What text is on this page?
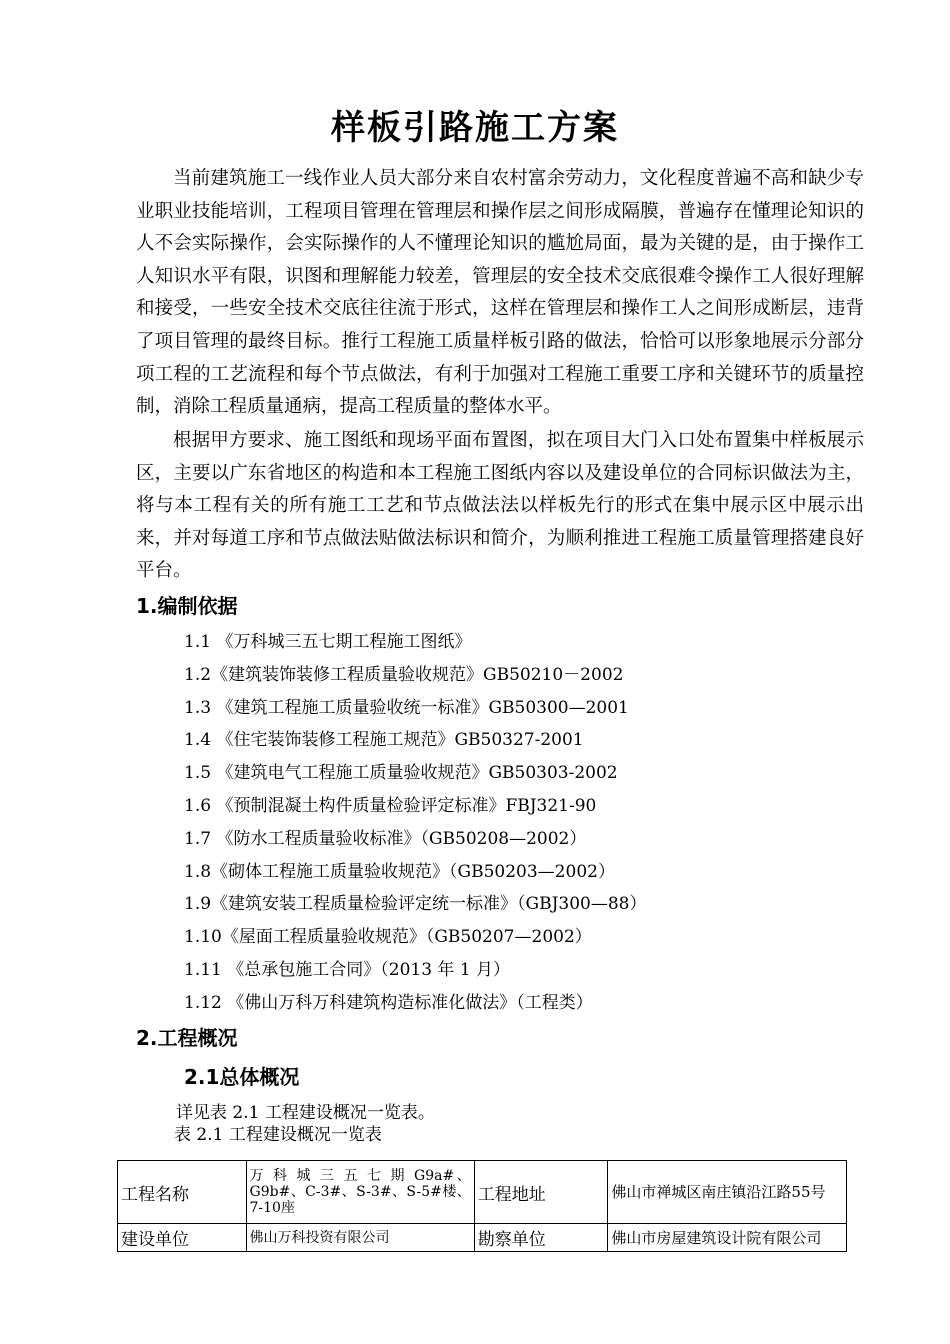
样板引路施工方案

当前建筑施工一线作业人员大部分来自农村富余劳动力，文化程度普遍不高和缺少专业职业技能培训，工程项目管理在管理层和操作层之间形成隔膜，普遍存在懂理论知识的人不会实际操作，会实际操作的人不懂理论知识的尴尬局面，最为关键的是，由于操作工人知识水平有限，识图和理解能力较差，管理层的安全技术交底很难令操作工人很好理解和接受，一些安全技术交底往往流于形式，这样在管理层和操作工人之间形成断层，违背了项目管理的最终目标。推行工程施工质量样板引路的做法，恰恰可以形象地展示分部分项工程的工艺流程和每个节点做法，有利于加强对工程施工重要工序和关键环节的质量控制，消除工程质量通病，提高工程质量的整体水平。

根据甲方要求、施工图纸和现场平面布置图，拟在项目大门入口处布置集中样板展示区，主要以广东省地区的构造和本工程施工图纸内容以及建设单位的合同标识做法为主，将与本工程有关的所有施工工艺和节点做法法以样板先行的形式在集中展示区中展示出来，并对每道工序和节点做法贴做法标识和简介，为顺利推进工程施工质量管理搭建良好平台。

1.编制依据
1.1 《万科城三五七期工程施工图纸》
1.2《建筑装饰装修工程质量验收规范》GB50210－2002
1.3 《建筑工程施工质量验收统一标准》GB50300—2001
1.4 《住宅装饰装修工程施工规范》GB50327-2001
1.5 《建筑电气工程施工质量验收规范》GB50303-2002
1.6 《预制混凝土构件质量检验评定标准》FBJ321-90
1.7 《防水工程质量验收标准》（GB50208—2002）
1.8《砌体工程施工质量验收规范》（GB50203—2002）
1.9《建筑安装工程质量检验评定统一标准》（GBJ300—88）
1.10《屋面工程质量验收规范》（GB50207—2002）
1.11 《总承包施工合同》（2013 年 1 月）
1.12 《佛山万科万科建筑构造标准化做法》（工程类）
2.工程概况
2.1总体概况
详见表 2.1 工程建设概况一览表。
表 2.1 工程建设概况一览表
工程名称	万 科 城 三 五 七 期 G9a#、G9b#、C-3#、S-3#、S-5#楼、7-10座	工程地址	佛山市禅城区南庄镇沿江路55号
建设单位	佛山万科投资有限公司	勘察单位	佛山市房屋建筑设计院有限公司
